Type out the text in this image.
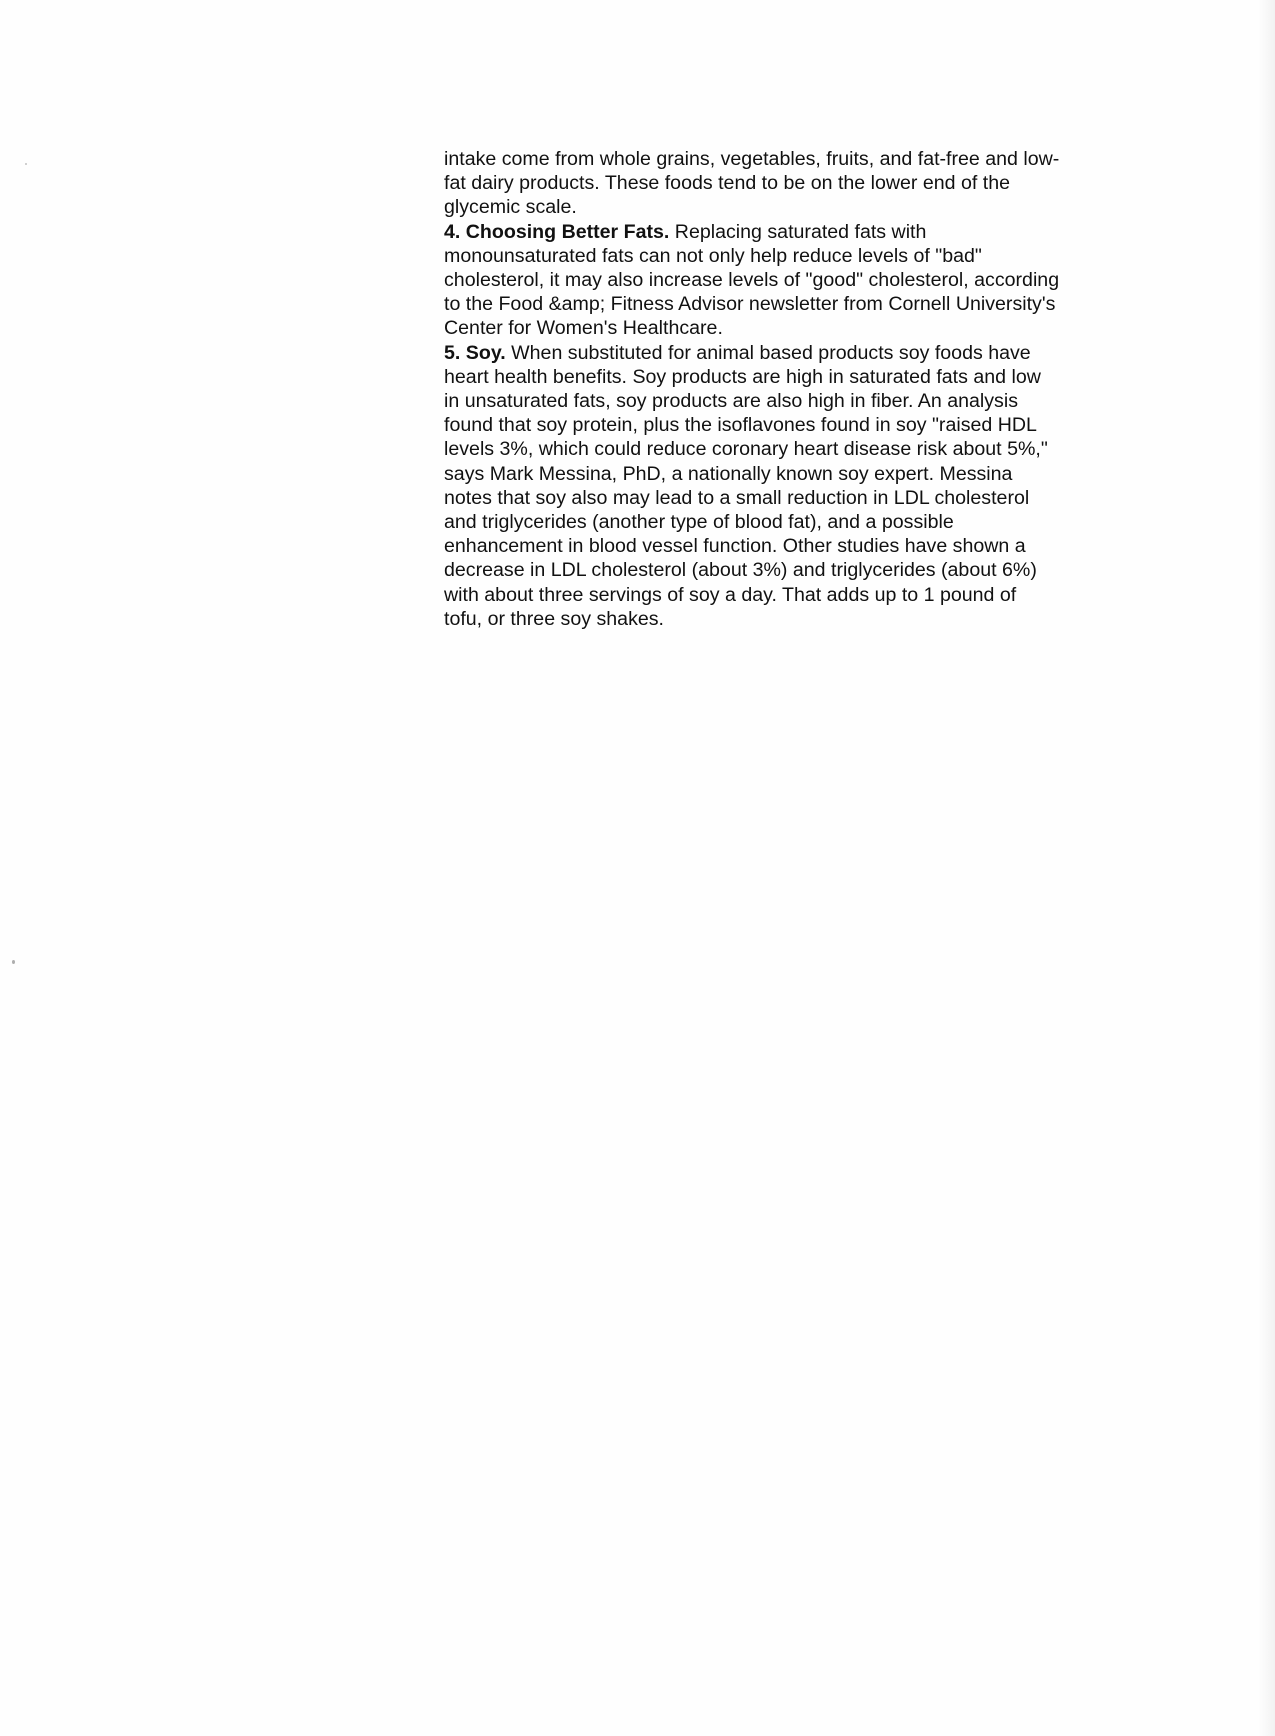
intake come from whole grains, vegetables, fruits, and fat-free and low-
fat dairy products. These foods tend to be on the lower end of the
glycemic scale.
4. Choosing Better Fats. Replacing saturated fats with
monounsaturated fats can not only help reduce levels of "bad"
cholesterol, it may also increase levels of "good" cholesterol, according
to the Food &amp; Fitness Advisor newsletter from Cornell University's
Center for Women's Healthcare.
5. Soy. When substituted for animal based products soy foods have
heart health benefits. Soy products are high in saturated fats and low
in unsaturated fats, soy products are also high in fiber. An analysis
found that soy protein, plus the isoflavones found in soy "raised HDL
levels 3%, which could reduce coronary heart disease risk about 5%,"
says Mark Messina, PhD, a nationally known soy expert. Messina
notes that soy also may lead to a small reduction in LDL cholesterol
and triglycerides (another type of blood fat), and a possible
enhancement in blood vessel function. Other studies have shown a
decrease in LDL cholesterol (about 3%) and triglycerides (about 6%)
with about three servings of soy a day. That adds up to 1 pound of
tofu, or three soy shakes.
